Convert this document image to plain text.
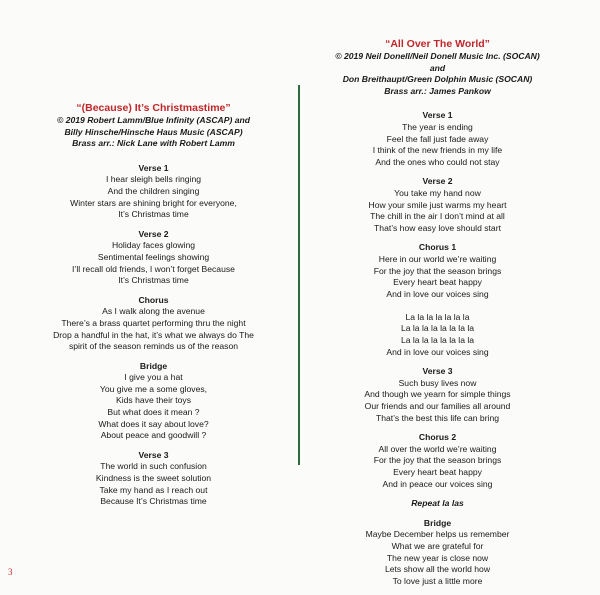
“(Because) It’s Christmastime”
© 2019 Robert Lamm/Blue Infinity (ASCAP) and
Billy Hinsche/Hinsche Haus Music (ASCAP)
Brass arr.: Nick Lane with Robert Lamm
Verse 1
I hear sleigh bells ringing
And the children singing
Winter stars are shining bright for everyone,
It’s Christmas time
Verse 2
Holiday faces glowing
Sentimental feelings showing
I’ll recall old friends, I won’t forget Because
It’s Christmas time
Chorus
As I walk along the avenue
There’s a brass quartet performing thru the night
Drop a handful in the hat, it’s what we always do The
spirit of the season reminds us of the reason
Bridge
I give you a hat
You give me a some gloves,
Kids have their toys
But what does it mean ?
What does it say about love?
About peace and goodwill ?
Verse 3
The world in such confusion
Kindness is the sweet solution
Take my hand as I reach out
Because It’s Christmas time
“All Over The World”
© 2019 Neil Donell/Neil Donell Music Inc. (SOCAN) and
Don Breithaupt/Green Dolphin Music (SOCAN)
Brass arr.: James Pankow
Verse 1
The year is ending
Feel the fall just fade away
I think of the new friends in my life
And the ones who could not stay
Verse 2
You take my hand now
How your smile just warms my heart
The chill in the air I don’t mind at all
That’s how easy love should start
Chorus 1
Here in our world we’re waiting
For the joy that the season brings
Every heart beat happy
And in love our voices sing
La la la la la la la
La la la la la la la la
La la la la la la la la
And in love our voices sing
Verse 3
Such busy lives now
And though we yearn for simple things
Our friends and our families all around
That’s the best this life can bring
Chorus 2
All over the world we’re waiting
For the joy that the season brings
Every heart beat happy
And in peace our voices sing
Repeat la las
Bridge
Maybe December helps us remember
What we are grateful for
The new year is close now
Lets show all the world how
To love just a little more
3
